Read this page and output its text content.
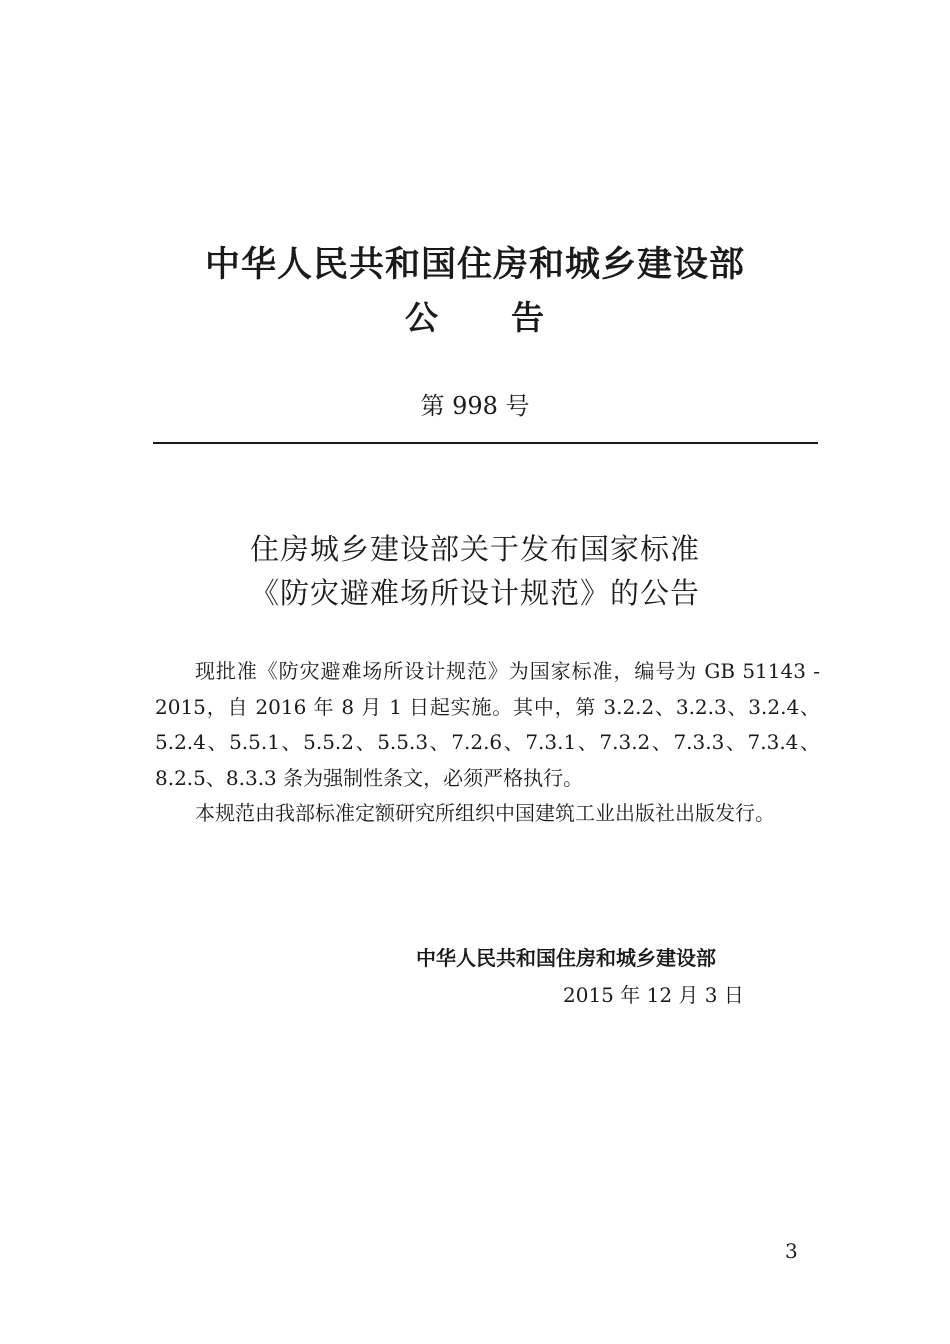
中华人民共和国住房和城乡建设部
公 告
第 998 号
住房城乡建设部关于发布国家标准
《防灾避难场所设计规范》的公告

现批准《防灾避难场所设计规范》为国家标准，编号为 GB 51143 - 2015，自 2016 年 8 月 1 日起实施。其中，第 3.2.2、3.2.3、3.2.4、5.2.4、5.5.1、5.5.2、5.5.3、7.2.6、7.3.1、7.3.2、7.3.3、7.3.4、8.2.5、8.3.3 条为强制性条文，必须严格执行。

本规范由我部标准定额研究所组织中国建筑工业出版社出版发行。

中华人民共和国住房和城乡建设部
2015 年 12 月 3 日
3
